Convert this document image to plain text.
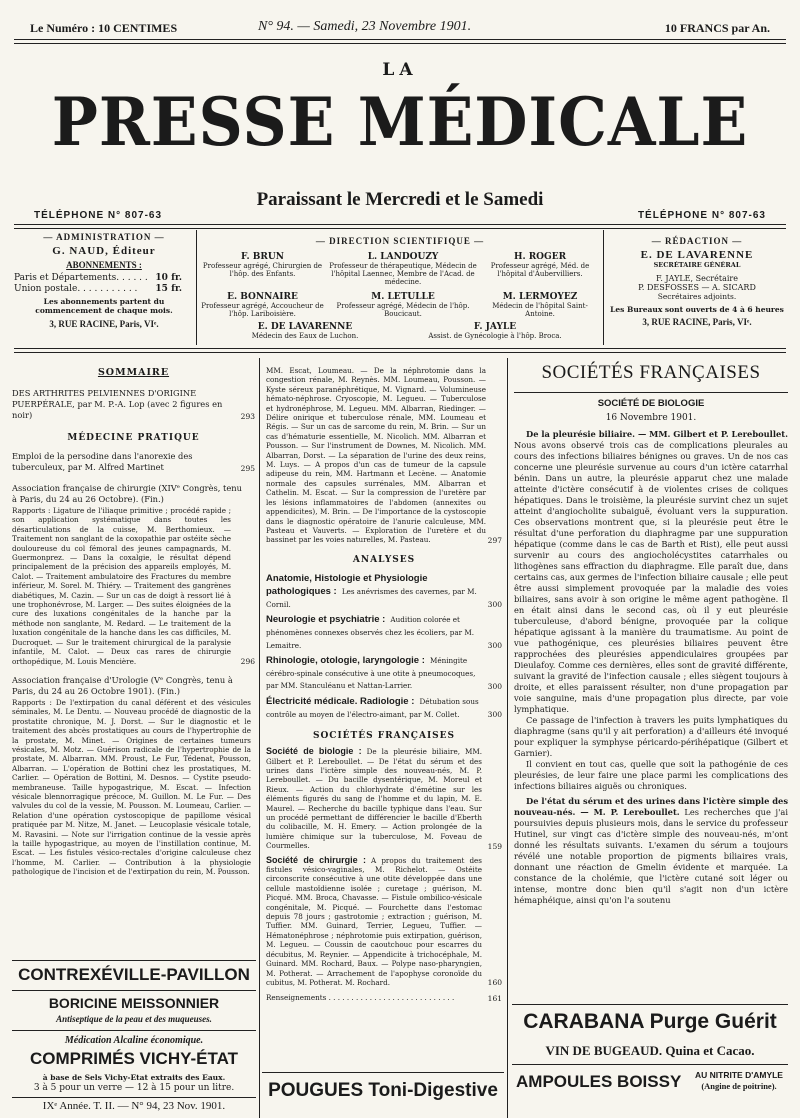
Le Numéro : 10 CENTIMES	N° 94. — Samedi, 23 Novembre 1901.	10 FRANCS par An.
LA
PRESSE MÉDICALE
Paraissant le Mercredi et le Samedi
TÉLÉPHONE N° 807-63	TÉLÉPHONE N° 807-63
— ADMINISTRATION —
G. NAUD, Éditeur
ABONNEMENTS :
Paris et Départements. . . . . . 10 fr.
Union postale. . . . . . . . . . . 15 fr.
Les abonnements partent du commencement de chaque mois.
3, RUE RACINE, Paris, VIᵉ.
— DIRECTION SCIENTIFIQUE —
F. BRUN
Professeur agrégé, Chirurgien de l'hôp. des Enfants.
L. LANDOUZY
Professeur de thérapeutique, Médecin de l'hôpital Laennec, Membre de l'Acad. de médecine.
H. ROGER
Professeur agrégé, Méd. de l'hôpital d'Aubervilliers.
E. BONNAIRE
Professeur agrégé, Accoucheur de l'hôp. Lariboisière.
M. LETULLE
Professeur agrégé, Médecin de l'hôp. Boucicaut.
M. LERMOYEZ
Médecin de l'hôpital Saint-Antoine.
E. DE LAVARENNE
Médecin des Eaux de Luchon.
F. JAYLE
Assist. de Gynécologie à l'hôp. Broca.
— RÉDACTION —
E. DE LAVARENNE
SECRÉTAIRE GÉNÉRAL
F. JAYLE, Secrétaire
P. DESFOSSES — A. SICARD
Secrétaires adjoints.
Les Bureaux sont ouverts de 4 à 6 heures
3, RUE RACINE, Paris, VIᵉ.
SOMMAIRE
DES ARTHRITES PELVIENNES D'ORIGINE PUERPÉRALE, par M. P.-A. Lop (avec 2 figures en noir)	293
MÉDECINE PRATIQUE
Emploi de la persodine dans l'anorexie des tuberculeux, par M. Alfred Martinet	295
Association française de chirurgie (XIVᵉ Congrès, tenu à Paris, du 24 au 26 Octobre). (Fin.)
Rapports : Ligature de l'iliaque primitive ; procédé rapide ; son application systématique dans toutes les désarticulations de la cuisse, M. Berthomieux. — Traitement non sanglant de la coxopathie par ostéite sèche douloureuse du col fémoral des jeunes campagnards, M. Guermonprez. — Dans la coxalgie, le résultat dépend principalement de la précision des appareils employés, M. Calot. — Traitement ambulatoire des Fractures du membre inférieur, M. Sorel. M. Thiéry. — Traitement des gangrènes diabétiques, M. Cazin. — Sur un cas de doigt à ressort lié à une trophonévrose, M. Larger. — Des suites éloignées de la cure des luxations congénitales de la hanche par la méthode non sanglante, M. Redard. — Le traitement de la luxation congénitale de la hanche dans les cas difficiles, M. Ducroquet. — Sur le traitement chirurgical de la paralysie infantile, M. Calot. — Deux cas rares de chirurgie orthopédique, M. Louis Mencière.	296
Association française d'Urologie (Vᵉ Congrès, tenu à Paris, du 24 au 26 Octobre 1901). (Fin.)
Rapports : De l'extirpation du canal déférent et des vésicules séminales, M. Le Dentu. — Nouveau procédé de diagnostic de la prostatite chronique, M. J. Dorst. — Sur le diagnostic et le traitement des abcès prostatiques au cours de l'hypertrophie de la prostate, M. Minet. — Origines de certaines tumeurs vésicales, M. Motz. — Guérison radicale de l'hypertrophie de la prostate, M. Albarran. MM. Proust, Le Fur, Tédenat, Pousson, Albarran. — L'opération de Bottini chez les prostatiques, M. Carlier. — Opération de Bottini, M. Desnos. — Cystite pseudo-membraneuse. Taille hypogastrique, M. Escat. — Infection vésicale blennorragique précoce, M. Guillon. M. Le Fur. — Des valvules du col de la vessie, M. Pousson. M. Loumeau, Carlier. — Relation d'une opération cystoscopique de papillome vésical pratiquée par M. Nitze, M. Janet. — Leucoplasie vésicale totale, M. Ravasini. — Note sur l'irrigation continue de la vessie après la taille hypogastrique, au moyen de l'instillation continue, M. Escat. — Les fistules vésico-rectales d'origine calculeuse chez l'homme, M. Carlier. — Contribution à la physiologie pathologique de l'incision et de l'extirpation du rein, M. Pousson.
CONTREXÉVILLE-PAVILLON
BORICINE MEISSONNIER
Antiseptique de la peau et des muqueuses.
Médication Alcaline économique.
COMPRIMÉS VICHY-ÉTAT
à base de Sels Vichy-Etat extraits des Eaux.
3 à 5 pour un verre — 12 à 15 pour un litre.
IXᵉ Année. T. II. — N° 94, 23 Nov. 1901.
MM. Escat, Loumeau. — De la néphrotomie dans la congestion rénale, M. Reynès. MM. Loumeau, Pousson. — Kyste séreux paranéphrétique, M. Vignard. — Volumineuse hémato-néphrose. Cryoscopie, M. Legueu. — Tuberculose et hydronéphrose, M. Legueu. MM. Albarran, Riedinger. — Délire onirique et tuberculose rénale, MM. Loumeau et Régis. — Sur un cas de sarcome du rein, M. Brin. — Sur un cas d'hématurie essentielle, M. Nicolich. MM. Albarran et Pousson. — Sur l'instrument de Downes, M. Nicolich. MM. Albarran, Dorst. — La séparation de l'urine des deux reins, M. Luys. — A propos d'un cas de tumeur de la capsule adipeuse du rein, MM. Hartmann et Lecène. — Anatomie normale des capsules surrénales, MM. Albarran et Cathelin. M. Escat. — Sur la compression de l'uretère par les lésions inflammatoires de l'abdomen (annexites ou appendicites), M. Brin. — De l'importance de la cystoscopie dans le diagnostic opératoire de l'anurie calculeuse, MM. Pasteau et Vauverts. — Exploration de l'uretère et du bassinet par les voies naturelles, M. Pasteau.	297
ANALYSES
Anatomie, Histologie et Physiologie pathologiques : Les anévrismes des cavernes, par M. Cornil.	300
Neurologie et psychiatrie : Audition colorée et phénomènes connexes observés chez les écoliers, par M. Lemaitre.	300
Rhinologie, otologie, laryngologie : Méningite cérébro-spinale consécutive à une otite à pneumocoques, par MM. Stanculéanu et Nattan-Larrier.	300
Électricité médicale. Radiologie : Détubation sous contrôle au moyen de l'électro-aimant, par M. Collet.	300
SOCIÉTÉS FRANÇAISES
Société de biologie : De la pleurésie biliaire, MM. Gilbert et P. Lereboullet. — De l'état du sérum et des urines dans l'ictère simple des nouveau-nés, M. P. Lereboullet. — Du bacille dysentérique, M. Moreul et Rieux. — Action du chlorhydrate d'émétine sur les éléments figurés du sang de l'homme et du lapin, M. E. Maurel. — Recherche du bacille typhique dans l'eau. Sur un procédé permettant de différencier le bacille d'Eberth du colibacille, M. H. Emery. — Action prolongée de la lumière chimique sur la tuberculose, M. Foveau de Courmelles.	159
Société de chirurgie : A propos du traitement des fistules vésico-vaginales, M. Richelot. — Ostéite circonscrite consécutive à une otite développée dans une cellule mastoïdienne isolée ; curetage ; guérison, M. Picqué. MM. Broca, Chavasse. — Fistule ombilico-vésicale congénitale, M. Picqué. — Fourchette dans l'estomac depuis 78 jours ; gastrotomie ; extraction ; guérison, M. Tuffier. MM. Guinard, Terrier, Legueu, Tuffier. — Hématonéphrose ; néphrotomie puis extirpation, guérison, M. Legueu. — Coussin de caoutchouc pour escarres du décubitus, M. Reynier. — Appendicite à trichocéphale, M. Guinard. MM. Rochard, Baux. — Polype naso-pharyngien, M. Potherat. — Arrachement de l'apophyse coronoïde du cubitus, M. Potherat. M. Rochard.	160
Renseignements . . . . . . . . . . . . . . . . . . . . . . . . . . . .	161
POUGUES Toni-Digestive
SOCIÉTÉS FRANÇAISES
SOCIÉTÉ DE BIOLOGIE
16 Novembre 1901.
De la pleurésie biliaire. — MM. Gilbert et P. Lereboullet. Nous avons observé trois cas de complications pleurales au cours des infections biliaires bénignes ou graves. Un de nos cas concerne une pleurésie survenue au cours d'un ictère catarrhal bénin. Dans un autre, la pleurésie apparut chez une malade atteinte d'ictère consécutif à de violentes crises de coliques hépatiques. Dans le troisième, la pleurésie survint chez un sujet atteint d'angiocholite subaiguë, évoluant vers la suppuration. Ces observations montrent que, si la pleurésie peut être le résultat d'une perforation du diaphragme par une suppuration hépatique (comme dans le cas de Barth et Rist), elle peut aussi survenir au cours des angiocholécystites catarrhales ou lithogènes sans effraction du diaphragme. Elle paraît due, dans certains cas, aux germes de l'infection biliaire causale ; elle peut être aussi simplement provoquée par la maladie des voies biliaires, sans avoir à son origine le même agent pathogène. Il en était ainsi dans le second cas, où il y eut pleurésie tuberculeuse, d'abord bénigne, provoquée par la colique hépatique agissant à la manière du traumatisme. Au point de vue pathogénique, ces pleurésies biliaires peuvent être rapprochées des pleurésies appendiculaires groupées par Dieulafoy. Comme ces dernières, elles sont de gravité différente, suivant la gravité de l'infection causale ; elles siègent toujours à droite, et elles paraissent résulter, non d'une propagation par voie sanguine, mais d'une propagation plus directe, par voie lymphatique.
Ce passage de l'infection à travers les puits lymphatiques du diaphragme (sans qu'il y ait perforation) a d'ailleurs été invoqué pour expliquer la symphyse péricardo-périhépatique (Gilbert et Garnier).
Il convient en tout cas, quelle que soit la pathogénie de ces pleurésies, de leur faire une place parmi les complications des infections biliaires aiguës ou chroniques.
De l'état du sérum et des urines dans l'ictère simple des nouveau-nés. — M. P. Lereboullet. Les recherches que j'ai poursuivies depuis plusieurs mois, dans le service du professeur Hutinel, sur vingt cas d'ictère simple des nouveau-nés, m'ont donné les résultats suivants. L'examen du sérum a toujours révélé une notable proportion de pigments biliaires vrais, donnant une réaction de Gmelin évidente et marquée. La constance de la cholémie, que l'ictère cutané soit léger ou intense, montre donc bien qu'il s'agit non d'un ictère hémaphéique, ainsi qu'on l'a soutenu
CARABANA Purge Guérit
VIN DE BUGEAUD. Quina et Cacao.
AMPOULES BOISSY	AU NITRITE D'AMYLE
(Angine de poitrine).
